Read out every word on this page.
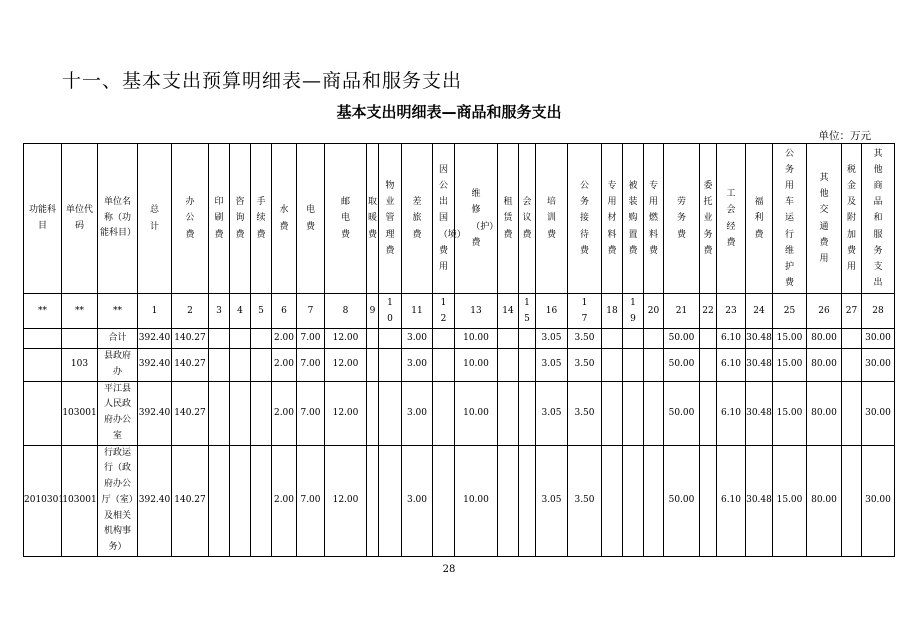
十一、基本支出预算明细表—商品和服务支出
基本支出明细表—商品和服务支出
单位：万元
功能科目	单位代码	单位名称（功能科目）	总计	办公费	印刷费	咨询费	手续费	水费	电费	邮电费	取暖费	物业管理费	差旅费	因公出国（境）费用	维修（护）费	租赁费	会议费	培训费	公务接待费	专用材料费	被装购置费	专用燃料费	劳务费	委托业务费	工会经费	福利费	公务用车运行维护费	其他交通费用	税金及附加费用	其他商品和服务支出
**	**	**	1	2	3	4	5	6	7	8	9	10	11	12	13	14	15	16	17	18	19	20	21	22	23	24	25	26	27	28

		合计	392.40	140.27				2.00	7.00	12.00			3.00		10.00			3.05	3.50				50.00		6.10	30.48	15.00	80.00		30.00
	103	县政府办	392.40	140.27				2.00	7.00	12.00			3.00		10.00			3.05	3.50				50.00		6.10	30.48	15.00	80.00		30.00
	103001	平江县人民政府办公室	392.40	140.27				2.00	7.00	12.00			3.00		10.00			3.05	3.50				50.00		6.10	30.48	15.00	80.00		30.00
2010301	103001	行政运行（政府办公厅（室）及相关机构事务）	392.40	140.27				2.00	7.00	12.00			3.00		10.00			3.05	3.50				50.00		6.10	30.48	15.00	80.00		30.00
28
